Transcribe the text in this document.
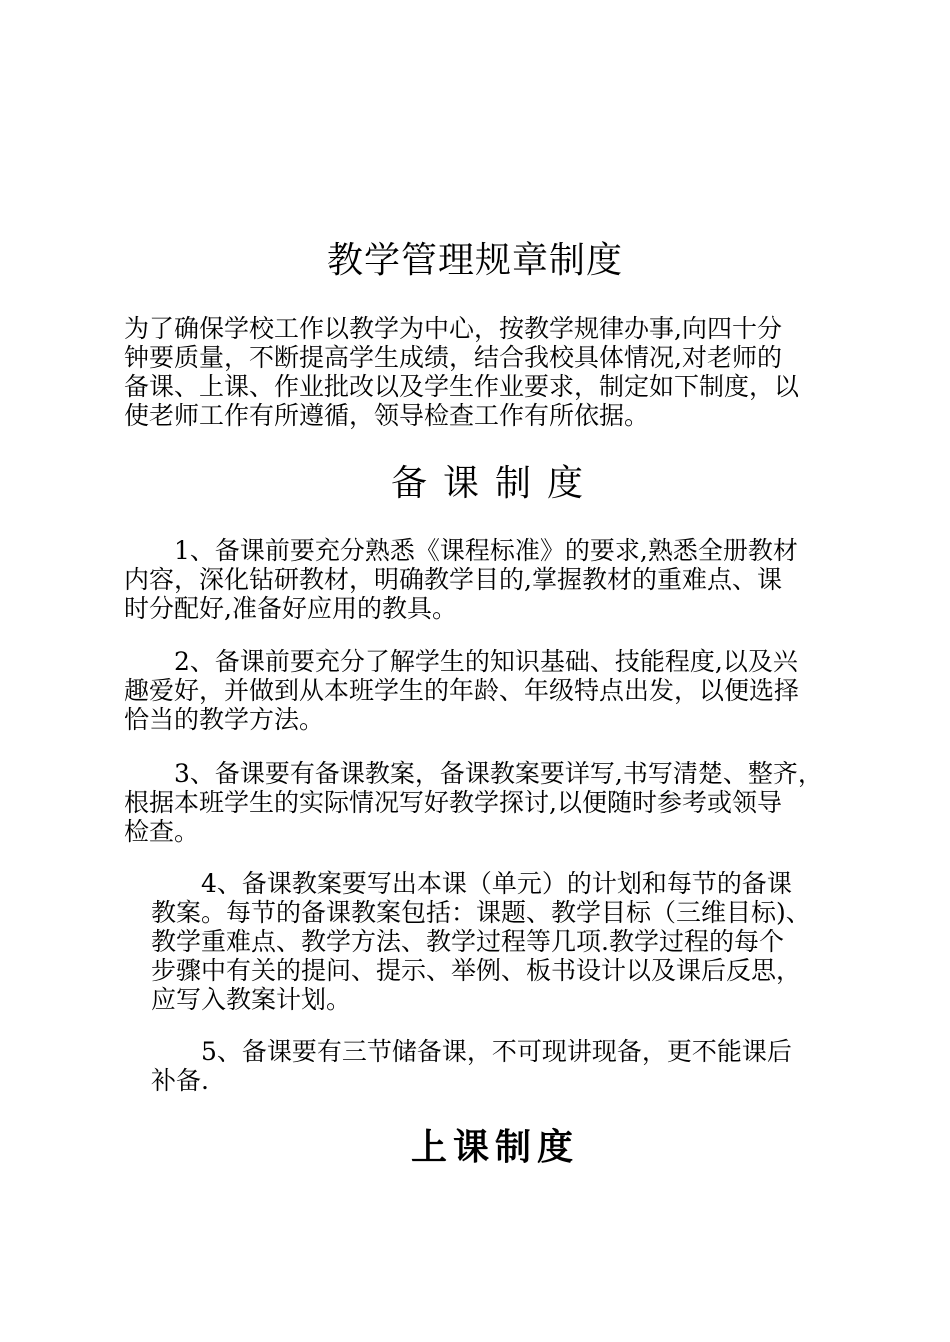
教学管理规章制度

为了确保学校工作以教学为中心，按教学规律办事,向四十分
钟要质量，不断提高学生成绩，结合我校具体情况,对老师的
备课、上课、作业批改以及学生作业要求，制定如下制度，以
使老师工作有所遵循，领导检查工作有所依据。

备课制度

　　1、备课前要充分熟悉《课程标准》的要求,熟悉全册教材
内容，深化钻研教材，明确教学目的,掌握教材的重难点、课
时分配好,准备好应用的教具。

　　2、备课前要充分了解学生的知识基础、技能程度,以及兴
趣爱好，并做到从本班学生的年龄、年级特点出发，以便选择
恰当的教学方法。

　　3、备课要有备课教案，备课教案要详写,书写清楚、整齐，
根据本班学生的实际情况写好教学探讨,以便随时参考或领导
检查。

　　4、备课教案要写出本课（单元）的计划和每节的备课
教案。每节的备课教案包括：课题、教学目标（三维目标)、
教学重难点、教学方法、教学过程等几项.教学过程的每个
步骤中有关的提问、提示、举例、板书设计以及课后反思，
应写入教案计划。

　　5、备课要有三节储备课，不可现讲现备，更不能课后
补备.

上课制度
